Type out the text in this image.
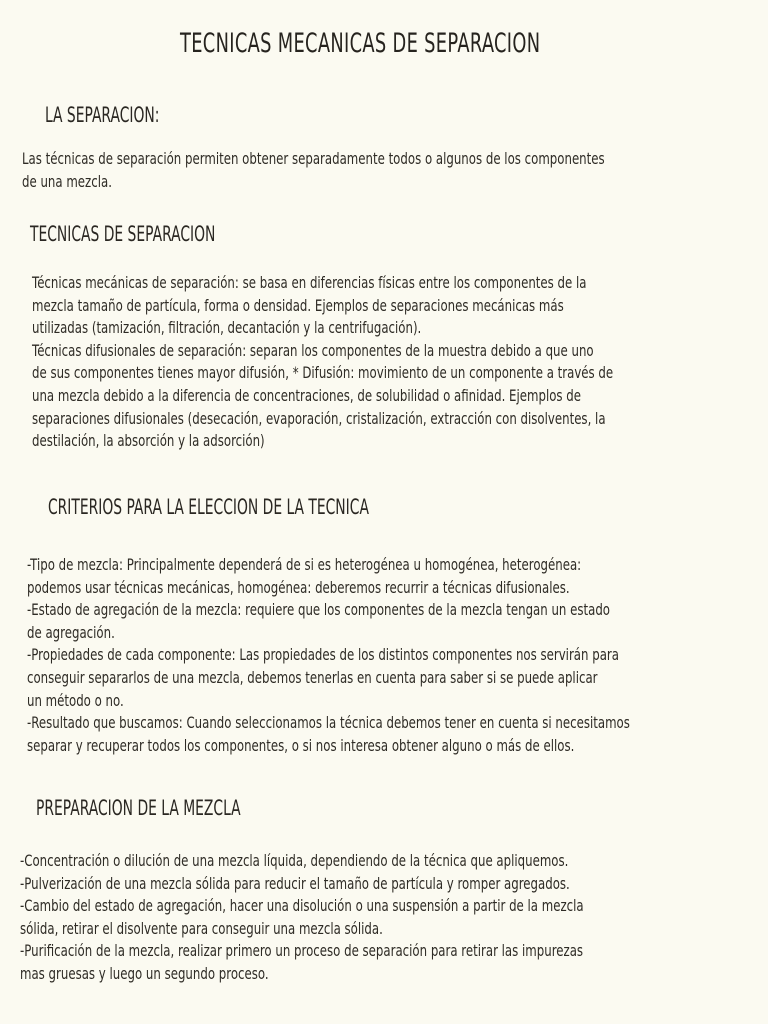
TECNICAS MECANICAS DE SEPARACION
LA SEPARACION:
Las técnicas de separación permiten obtener separadamente todos o algunos de los componentes
de una mezcla.
TECNICAS DE SEPARACION
Técnicas mecánicas de separación: se basa en diferencias físicas entre los componentes de la
mezcla tamaño de partícula, forma o densidad. Ejemplos de separaciones mecánicas más
utilizadas (tamización, filtración, decantación y la centrifugación).
Técnicas difusionales de separación: separan los componentes de la muestra debido a que uno
de sus componentes tienes mayor difusión, * Difusión: movimiento de un componente a través de
una mezcla debido a la diferencia de concentraciones, de solubilidad o afinidad. Ejemplos de
separaciones difusionales (desecación, evaporación, cristalización, extracción con disolventes, la
destilación, la absorción y la adsorción)
CRITERIOS PARA LA ELECCION DE LA TECNICA
-Tipo de mezcla: Principalmente dependerá de si es heterogénea u homogénea, heterogénea:
podemos usar técnicas mecánicas, homogénea: deberemos recurrir a técnicas difusionales.
-Estado de agregación de la mezcla: requiere que los componentes de la mezcla tengan un estado
de agregación.
-Propiedades de cada componente: Las propiedades de los distintos componentes nos servirán para
conseguir separarlos de una mezcla, debemos tenerlas en cuenta para saber si se puede aplicar
un método o no.
-Resultado que buscamos: Cuando seleccionamos la técnica debemos tener en cuenta si necesitamos
separar y recuperar todos los componentes, o si nos interesa obtener alguno o más de ellos.
PREPARACION DE LA MEZCLA
-Concentración o dilución de una mezcla líquida, dependiendo de la técnica que apliquemos.
-Pulverización de una mezcla sólida para reducir el tamaño de partícula y romper agregados.
-Cambio del estado de agregación, hacer una disolución o una suspensión a partir de la mezcla
sólida, retirar el disolvente para conseguir una mezcla sólida.
-Purificación de la mezcla, realizar primero un proceso de separación para retirar las impurezas
mas gruesas y luego un segundo proceso.
